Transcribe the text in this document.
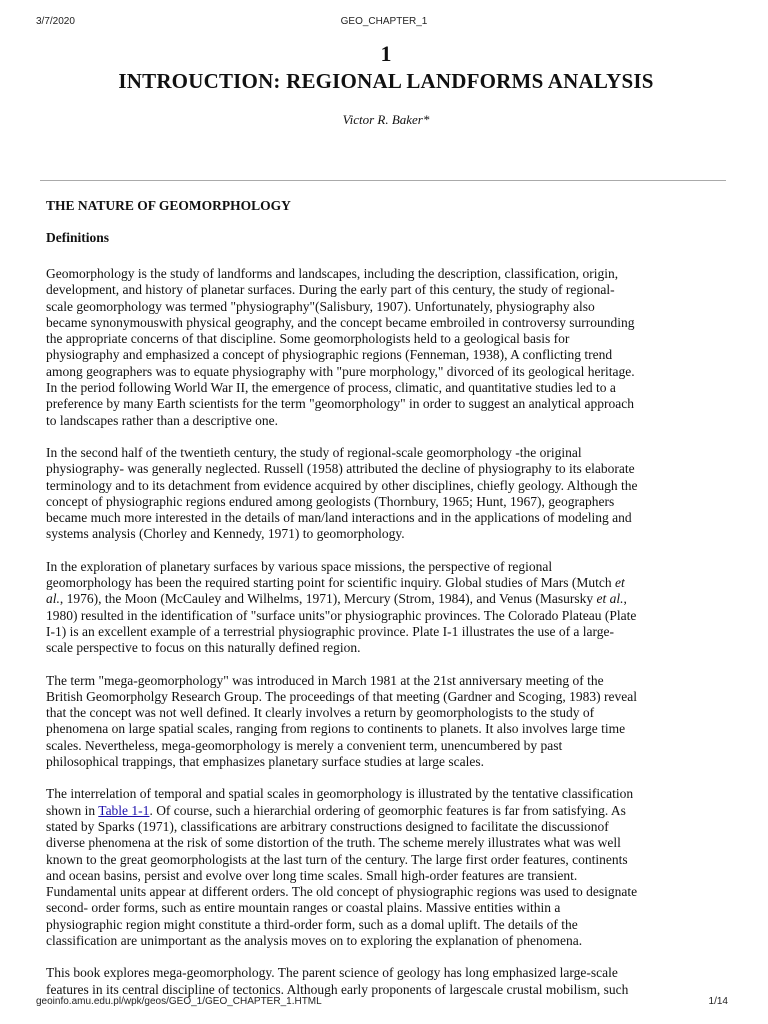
3/7/2020	GEO_CHAPTER_1

1

INTROUCTION: REGIONAL LANDFORMS ANALYSIS

Victor R. Baker*

THE NATURE OF GEOMORPHOLOGY

Definitions

Geomorphology is the study of landforms and landscapes, including the description, classification, origin,
development, and history of planetar surfaces. During the early part of this century, the study of regional-
scale geomorphology was termed "physiography"(Salisbury, 1907). Unfortunately, physiography also
became synonymouswith physical geography, and the concept became embroiled in controversy surrounding
the appropriate concerns of that discipline. Some geomorphologists held to a geological basis for
physiography and emphasized a concept of physiographic regions (Fenneman, 1938), A conflicting trend
among geographers was to equate physiography with "pure morphology," divorced of its geological heritage.
In the period following World War II, the emergence of process, climatic, and quantitative studies led to a
preference by many Earth scientists for the term "geomorphology" in order to suggest an analytical approach
to landscapes rather than a descriptive one.
In the second half of the twentieth century, the study of regional-scale geomorphology -the original
physiography- was generally neglected. Russell (1958) attributed the decline of physiography to its elaborate
terminology and to its detachment from evidence acquired by other disciplines, chiefly geology. Although the
concept of physiographic regions endured among geologists (Thornbury, 1965; Hunt, 1967), geographers
became much more interested in the details of man/land interactions and in the applications of modeling and
systems analysis (Chorley and Kennedy, 1971) to geomorphology.
In the exploration of planetary surfaces by various space missions, the perspective of regional
geomorphology has been the required starting point for scientific inquiry. Global studies of Mars (Mutch et
al., 1976), the Moon (McCauley and Wilhelms, 1971), Mercury (Strom, 1984), and Venus (Masursky et al.,
1980) resulted in the identification of "surface units"or physiographic provinces. The Colorado Plateau (Plate
I-1) is an excellent example of a terrestrial physiographic province. Plate I-1 illustrates the use of a large-
scale perspective to focus on this naturally defined region.
The term "mega-geomorphology" was introduced in March 1981 at the 21st anniversary meeting of the
British Geomorpholgy Research Group. The proceedings of that meeting (Gardner and Scoging, 1983) reveal
that the concept was not well defined. It clearly involves a return by geomorphologists to the study of
phenomena on large spatial scales, ranging from regions to continents to planets. It also involves large time
scales. Nevertheless, mega-geomorphology is merely a convenient term, unencumbered by past
philosophical trappings, that emphasizes planetary surface studies at large scales.
The interrelation of temporal and spatial scales in geomorphology is illustrated by the tentative classification
shown in Table 1-1. Of course, such a hierarchial ordering of geomorphic features is far from satisfying. As
stated by Sparks (1971), classifications are arbitrary constructions designed to facilitate the discussionof
diverse phenomena at the risk of some distortion of the truth. The scheme merely illustrates what was well
known to the great geomorphologists at the last turn of the century. The large first order features, continents
and ocean basins, persist and evolve over long time scales. Small high-order features are transient.
Fundamental units appear at different orders. The old concept of physiographic regions was used to designate
second- order forms, such as entire mountain ranges or coastal plains. Massive entities within a
physiographic region might constitute a third-order form, such as a domal uplift. The details of the
classification are unimportant as the analysis moves on to exploring the explanation of phenomena.
This book explores mega-geomorphology. The parent science of geology has long emphasized large-scale
features in its central discipline of tectonics. Although early proponents of largescale crustal mobilism, such
geoinfo.amu.edu.pl/wpk/geos/GEO_1/GEO_CHAPTER_1.HTML	1/14
